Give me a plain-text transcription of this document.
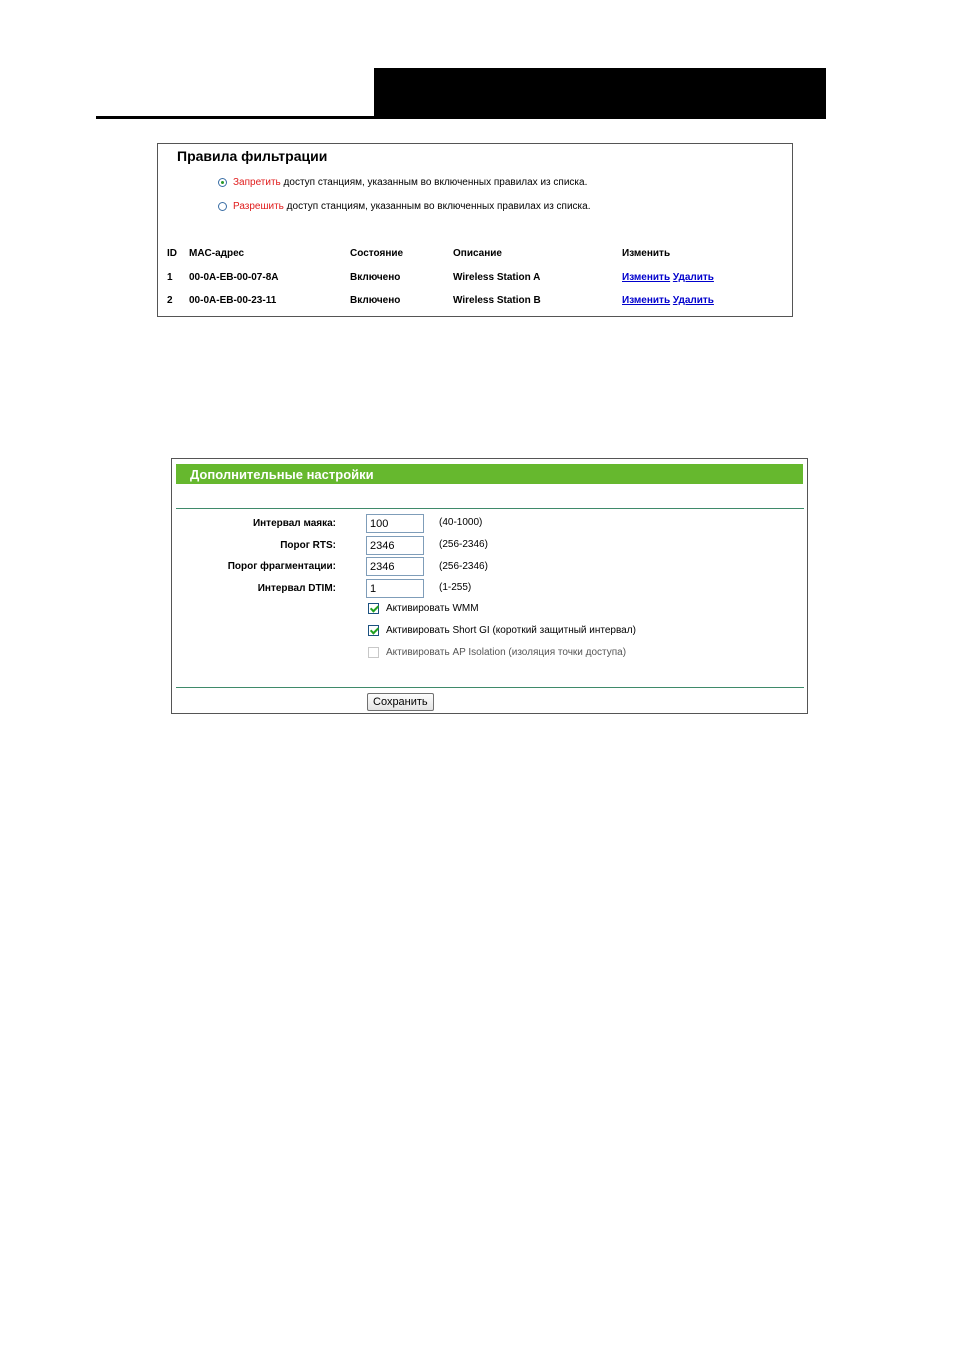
Правила фильтрации
Запретить доступ станциям, указанным во включенных правилах из списка.
Разрешить доступ станциям, указанным во включенных правилах из списка.
ID MAC-адрес	Состояние	Описание	Изменить
1 00-0A-EB-00-07-8A	Включено	Wireless Station A	Изменить Удалить
2 00-0A-EB-00-23-11	Включено	Wireless Station B	Изменить Удалить
Дополнительные настройки
Интервал маяка:
100	(40-1000)
Порог RTS:
2346	(256-2346)
Порог фрагментации:
2346	(256-2346)
Интервал DTIM:
1	(1-255)
Активировать WMM
Активировать Short GI (короткий защитный интервал)
Активировать AP Isolation (изоляция точки доступа)
Сохранить
